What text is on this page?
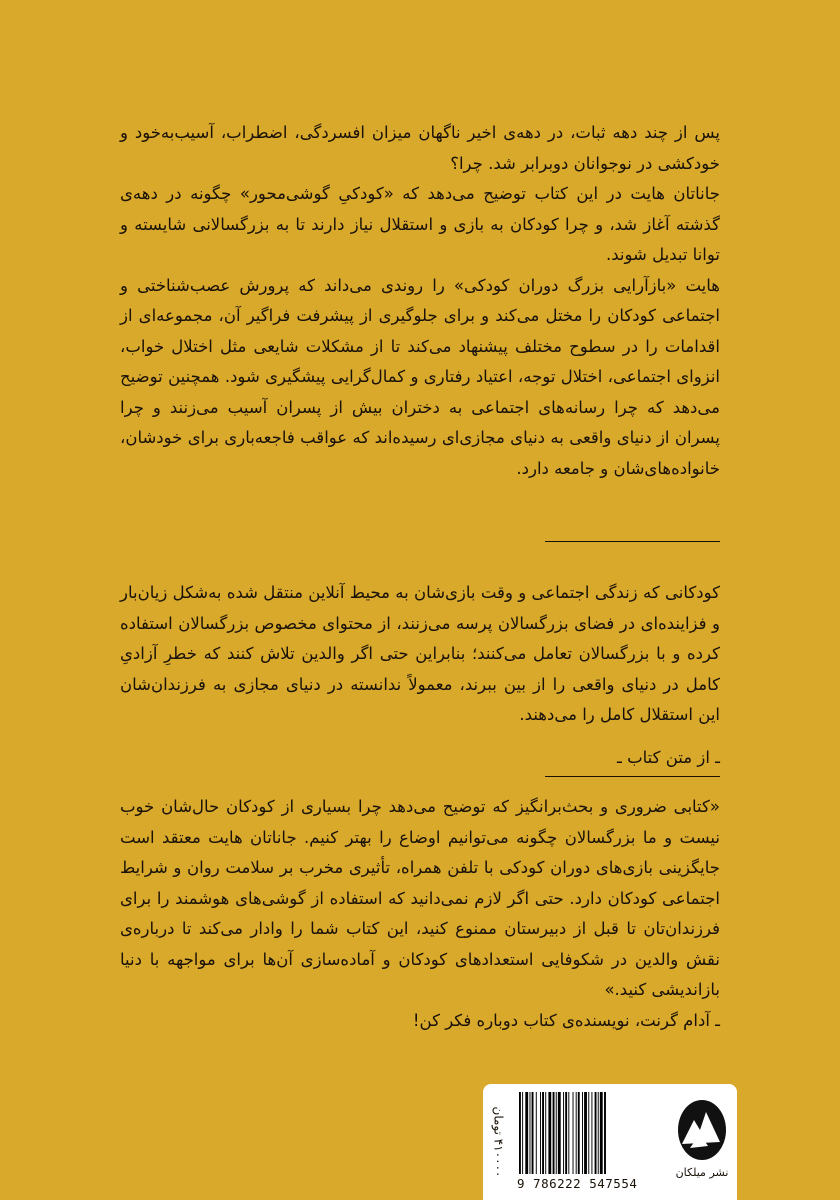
پس از چند دهه ثبات، در دهه‌ی اخیر ناگهان میزان افسردگی، اضطراب، آسیب‌به‌خود و خودکشی در نوجوانان دوبرابر شد. چرا؟

جاناتان هایت در این کتاب توضیح می‌دهد که «کودکیِ گوشی‌محور» چگونه در دهه‌ی گذشته آغاز شد، و چرا کودکان به بازی و استقلال نیاز دارند تا به بزرگسالانی شایسته و توانا تبدیل شوند.

هایت «بازآرایی بزرگ دوران کودکی» را روندی می‌داند که پرورش عصب‌شناختی و اجتماعی کودکان را مختل می‌کند و برای جلوگیری از پیشرفت فراگیر آن، مجموعه‌ای از اقدامات را در سطوح مختلف پیشنهاد می‌کند تا از مشکلات شایعی مثل اختلال خواب، انزوای اجتماعی، اختلال توجه، اعتیاد رفتاری و کمال‌گرایی پیشگیری شود. همچنین توضیح می‌دهد که چرا رسانه‌های اجتماعی به دختران بیش از پسران آسیب می‌زنند و چرا پسران از دنیای واقعی به دنیای مجازی‌ای رسیده‌اند که عواقب فاجعه‌باری برای خودشان، خانواده‌های‌شان و جامعه دارد.

کودکانی که زندگی اجتماعی و وقت بازی‌شان به محیط آنلاین منتقل شده به‌شکل زیان‌بار و فزاینده‌ای در فضای بزرگسالان پرسه می‌زنند، از محتوای مخصوص بزرگسالان استفاده کرده و با بزرگسالان تعامل می‌کنند؛ بنابراین حتی اگر والدین تلاش کنند که خطرِ آزادیِ کامل در دنیای واقعی را از بین ببرند، معمولاً ندانسته در دنیای مجازی به فرزندان‌شان این استقلال کامل را می‌دهند.

ـ از متن کتاب ـ

«کتابی ضروری و بحث‌برانگیز که توضیح می‌دهد چرا بسیاری از کودکان حال‌شان خوب نیست و ما بزرگسالان چگونه می‌توانیم اوضاع را بهتر کنیم. جاناتان هایت معتقد است جایگزینی بازی‌های دوران کودکی با تلفن همراه، تأثیری مخرب بر سلامت روان و شرایط اجتماعی کودکان دارد. حتی اگر لازم نمی‌دانید که استفاده از گوشی‌های هوشمند را برای فرزندان‌تان تا قبل از دبیرستان ممنوع کنید، این کتاب شما را وادار می‌کند تا درباره‌ی نقش والدین در شکوفایی استعدادهای کودکان و آماده‌سازی آن‌ها برای مواجهه با دنیا بازاندیشی کنید.»

ـ آدام گرنت، نویسنده‌ی کتاب دوباره فکر کن!

۴۱۰۰۰۰ تومان
9 786222 547554
نشر میلکان
